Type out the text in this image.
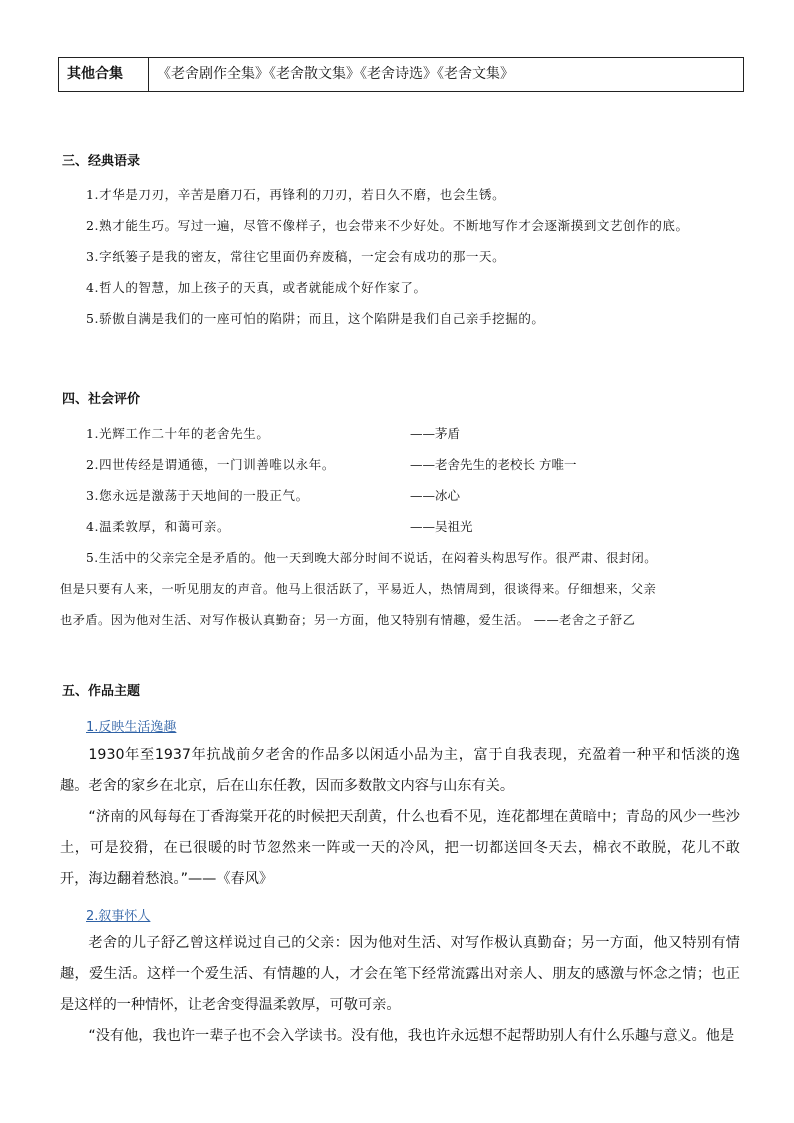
其他合集	《老舍剧作全集》《老舍散文集》《老舍诗选》《老舍文集》
三、经典语录
1.才华是刀刃，辛苦是磨刀石，再锋利的刀刃，若日久不磨，也会生锈。
2.熟才能生巧。写过一遍，尽管不像样子，也会带来不少好处。不断地写作才会逐渐摸到文艺创作的底。
3.字纸篓子是我的密友，常往它里面仍弃废稿，一定会有成功的那一天。
4.哲人的智慧，加上孩子的天真，或者就能成个好作家了。
5.骄傲自满是我们的一座可怕的陷阱；而且，这个陷阱是我们自己亲手挖掘的。
四、社会评价
1.光辉工作二十年的老舍先生。	——茅盾
2.四世传经是谓通德，一门训善唯以永年。	——老舍先生的老校长 方唯一
3.您永远是激荡于天地间的一股正气。	——冰心
4.温柔敦厚，和蔼可亲。	——吴祖光
5.生活中的父亲完全是矛盾的。他一天到晚大部分时间不说话，在闷着头构思写作。很严肃、很封闭。
但是只要有人来，一听见朋友的声音。他马上很活跃了，平易近人，热情周到，很谈得来。仔细想来，父亲
也矛盾。因为他对生活、对写作极认真勤奋；另一方面，他又特别有情趣，爱生活。 ——老舍之子舒乙
五、作品主题
1.反映生活逸趣
1930年至1937年抗战前夕老舍的作品多以闲适小品为主，富于自我表现，充盈着一种平和恬淡的逸趣。老舍的家乡在北京，后在山东任教，因而多数散文内容与山东有关。
“济南的风每每在丁香海棠开花的时候把天刮黄，什么也看不见，连花都埋在黄暗中；青岛的风少一些沙土，可是狡猾，在已很暖的时节忽然来一阵或一天的冷风，把一切都送回冬天去，棉衣不敢脱，花儿不敢开，海边翻着愁浪。”——《春风》
2.叙事怀人
老舍的儿子舒乙曾这样说过自己的父亲：因为他对生活、对写作极认真勤奋；另一方面，他又特别有情趣，爱生活。这样一个爱生活、有情趣的人，才会在笔下经常流露出对亲人、朋友的感激与怀念之情；也正是这样的一种情怀，让老舍变得温柔敦厚，可敬可亲。
“没有他，我也许一辈子也不会入学读书。没有他，我也许永远想不起帮助别人有什么乐趣与意义。他是
